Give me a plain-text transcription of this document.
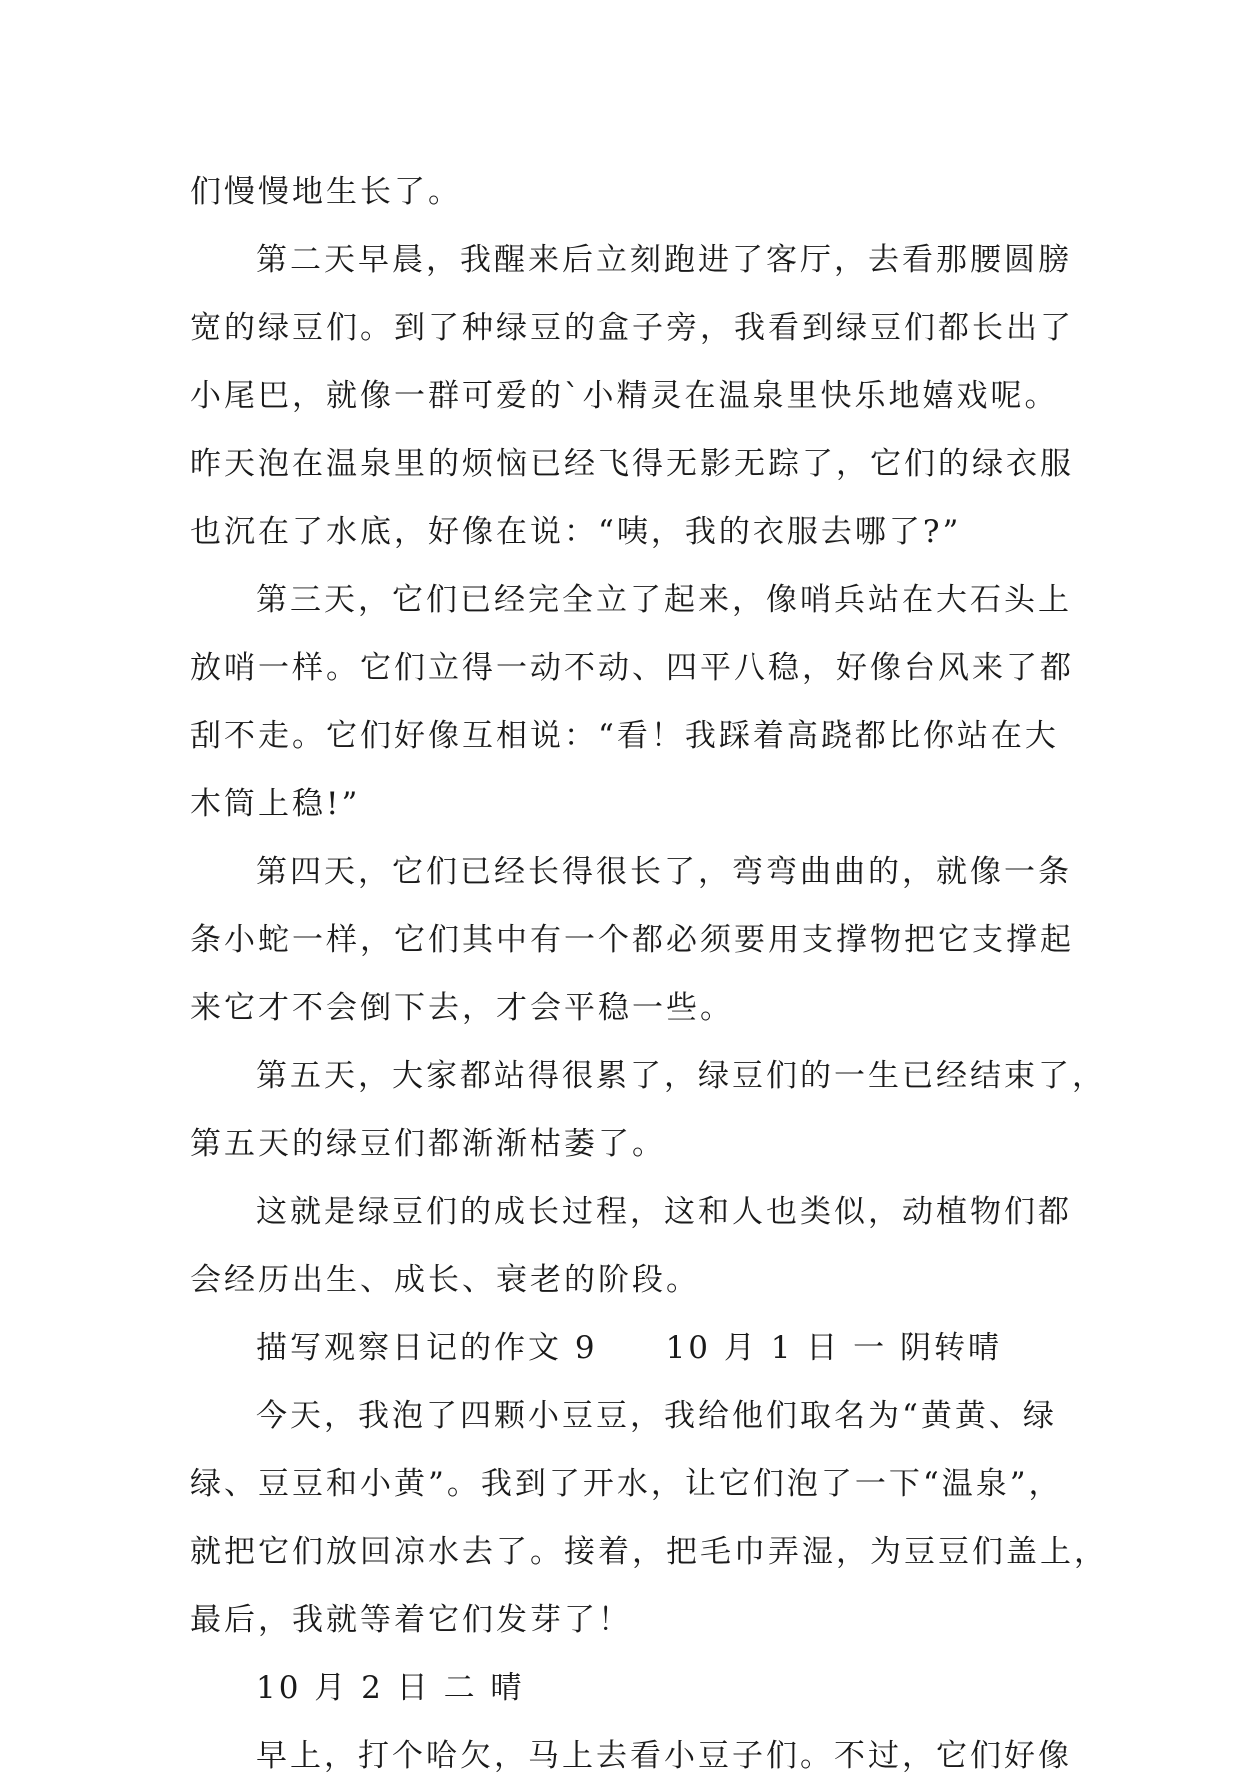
们慢慢地生长了。
第二天早晨，我醒来后立刻跑进了客厅，去看那腰圆膀
宽的绿豆们。到了种绿豆的盒子旁，我看到绿豆们都长出了
小尾巴，就像一群可爱的`小精灵在温泉里快乐地嬉戏呢。
昨天泡在温泉里的烦恼已经飞得无影无踪了，它们的绿衣服
也沉在了水底，好像在说：“咦，我的衣服去哪了?”
第三天，它们已经完全立了起来，像哨兵站在大石头上
放哨一样。它们立得一动不动、四平八稳，好像台风来了都
刮不走。它们好像互相说：“看！我踩着高跷都比你站在大
木筒上稳!”
第四天，它们已经长得很长了，弯弯曲曲的，就像一条
条小蛇一样，它们其中有一个都必须要用支撑物把它支撑起
来它才不会倒下去，才会平稳一些。
第五天，大家都站得很累了，绿豆们的一生已经结束了，
第五天的绿豆们都渐渐枯萎了。
这就是绿豆们的成长过程，这和人也类似，动植物们都
会经历出生、成长、衰老的阶段。
描写观察日记的作文 9　　10 月 1 日 一 阴转晴
今天，我泡了四颗小豆豆，我给他们取名为“黄黄、绿
绿、豆豆和小黄”。我到了开水，让它们泡了一下“温泉”，
就把它们放回凉水去了。接着，把毛巾弄湿，为豆豆们盖上，
最后，我就等着它们发芽了！
10 月 2 日 二 晴
早上，打个哈欠，马上去看小豆子们。不过，它们好像
